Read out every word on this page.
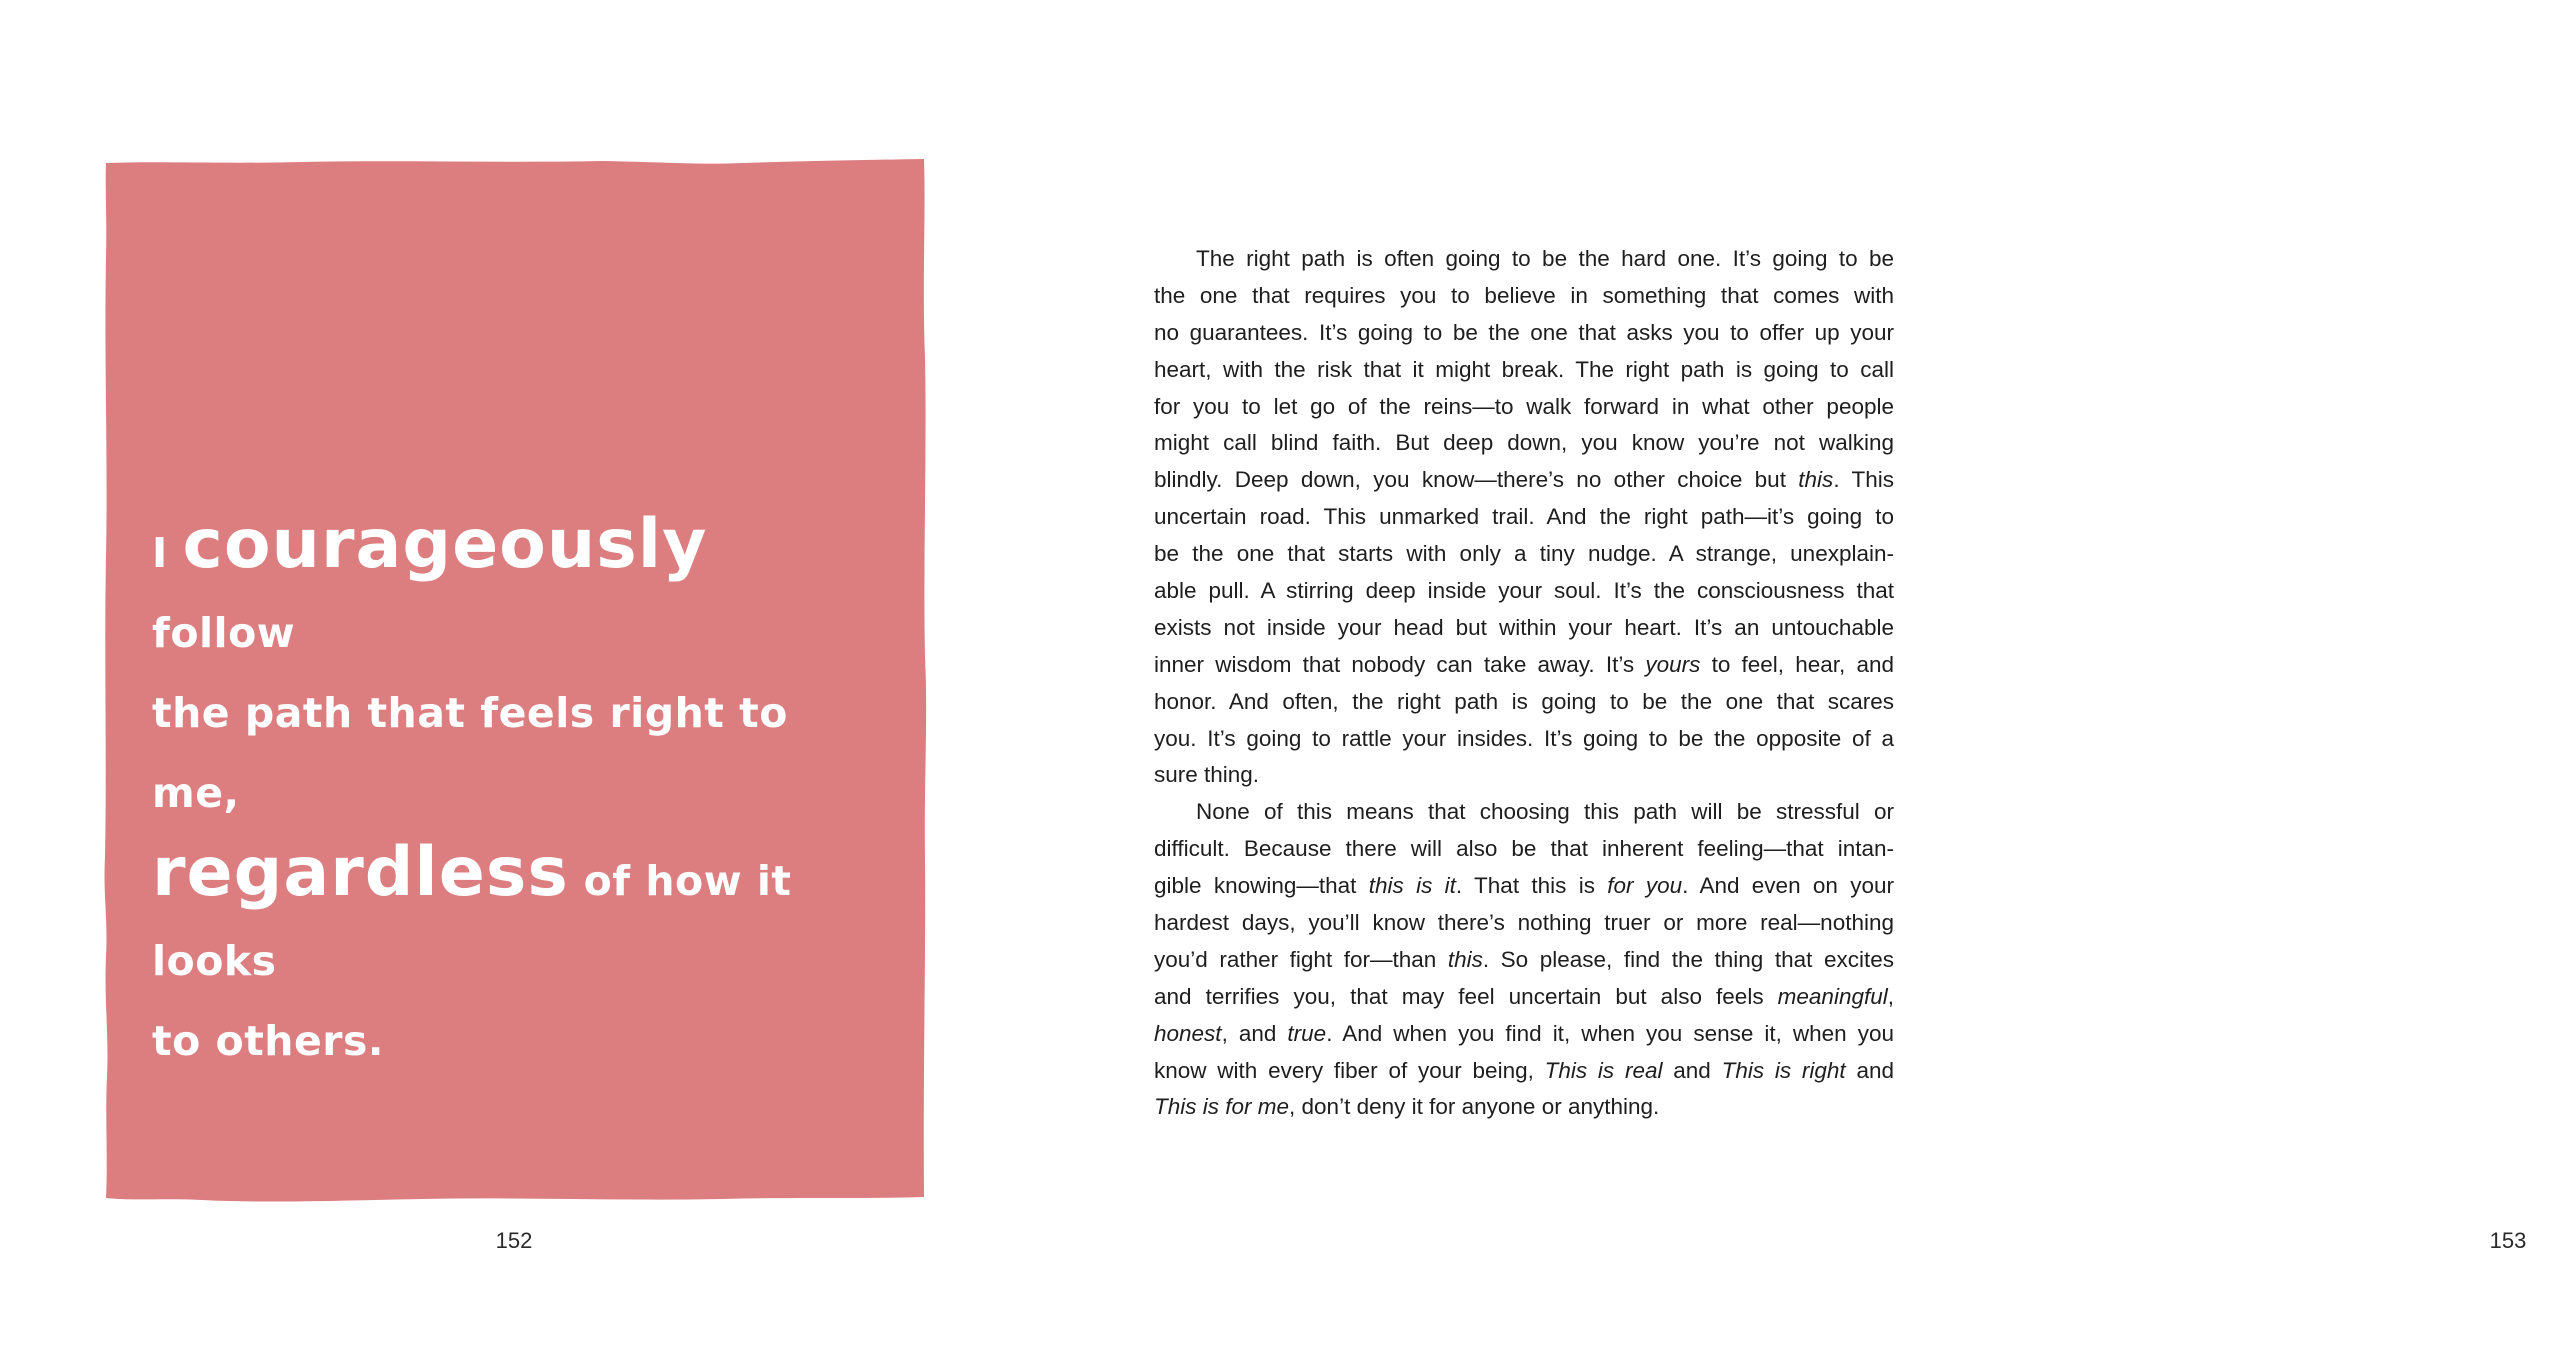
I courageously follow
the path that feels right to me,
regardless of how it looks
to others.
152
The right path is often going to be the hard one. It’s going to be
the one that requires you to believe in something that comes with
no guarantees. It’s going to be the one that asks you to offer up your
heart, with the risk that it might break. The right path is going to call
for you to let go of the reins—to walk forward in what other people
might call blind faith. But deep down, you know you’re not walking
blindly. Deep down, you know—there’s no other choice but this. This
uncertain road. This unmarked trail. And the right path—it’s going to
be the one that starts with only a tiny nudge. A strange, unexplain-
able pull. A stirring deep inside your soul. It’s the consciousness that
exists not inside your head but within your heart. It’s an untouchable
inner wisdom that nobody can take away. It’s yours to feel, hear, and
honor. And often, the right path is going to be the one that scares
you. It’s going to rattle your insides. It’s going to be the opposite of a
sure thing.
None of this means that choosing this path will be stressful or
difficult. Because there will also be that inherent feeling—that intan-
gible knowing—that this is it. That this is for you. And even on your
hardest days, you’ll know there’s nothing truer or more real—nothing
you’d rather fight for—than this. So please, find the thing that excites
and terrifies you, that may feel uncertain but also feels meaningful,
honest, and true. And when you find it, when you sense it, when you
know with every fiber of your being, This is real and This is right and
This is for me, don’t deny it for anyone or anything.
153
